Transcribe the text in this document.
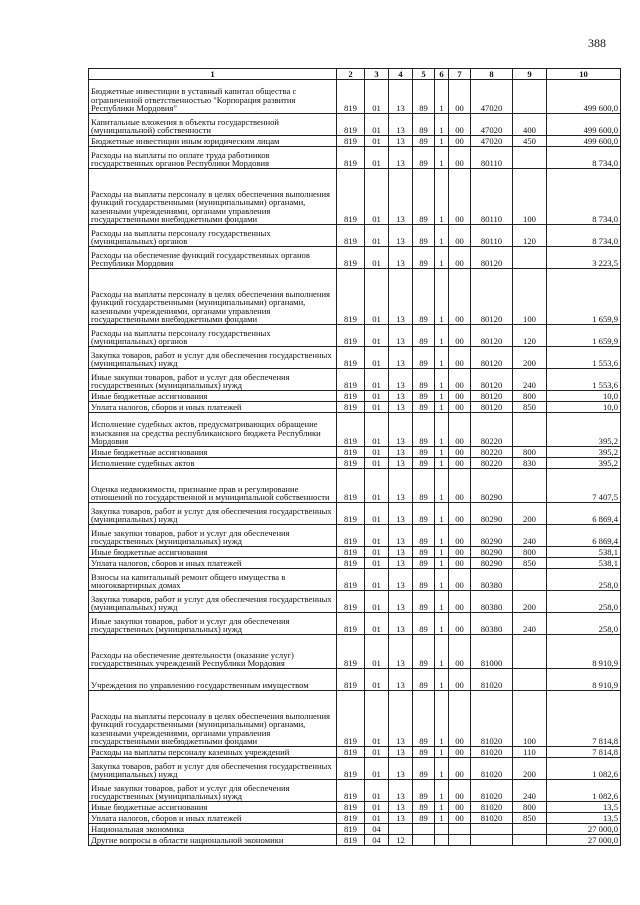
388
1	2	3	4	5	6	7	8	9	10
Бюджетные инвестиции в уставный капитал общества с ограниченной ответственностью "Корпорация развития Республики Мордовия"	819	01	13	89	1	00	47020		499 600,0
Капитальные вложения в объекты государственной (муниципальной) собственности	819	01	13	89	1	00	47020	400	499 600,0
Бюджетные инвестиции иным юридическим лицам	819	01	13	89	1	00	47020	450	499 600,0
Расходы на выплаты по оплате труда работников государственных органов Республики Мордовия	819	01	13	89	1	00	80110		8 734,0
Расходы на выплаты персоналу в целях обеспечения выполнения функций государственными (муниципальными) органами, казенными учреждениями, органами управления государственными внебюджетными фондами	819	01	13	89	1	00	80110	100	8 734,0
Расходы на выплаты персоналу государственных (муниципальных) органов	819	01	13	89	1	00	80110	120	8 734,0
Расходы на обеспечение функций государственных органов Республики Мордовия	819	01	13	89	1	00	80120		3 223,5
Расходы на выплаты персоналу в целях обеспечения выполнения функций государственными (муниципальными) органами, казенными учреждениями, органами управления государственными внебюджетными фондами	819	01	13	89	1	00	80120	100	1 659,9
Расходы на выплаты персоналу государственных (муниципальных) органов	819	01	13	89	1	00	80120	120	1 659,9
Закупка товаров, работ и услуг для обеспечения государственных (муниципальных) нужд	819	01	13	89	1	00	80120	200	1 553,6
Иные закупки товаров, работ и услуг для обеспечения государственных (муниципальных) нужд	819	01	13	89	1	00	80120	240	1 553,6
Иные бюджетные ассигнования	819	01	13	89	1	00	80120	800	10,0
Уплата налогов, сборов и иных платежей	819	01	13	89	1	00	80120	850	10,0
Исполнение судебных актов, предусматривающих обращение взыскания на средства республиканского бюджета Республики Мордовия	819	01	13	89	1	00	80220		395,2
Иные бюджетные ассигнования	819	01	13	89	1	00	80220	800	395,2
Исполнение судебных актов	819	01	13	89	1	00	80220	830	395,2
Оценка недвижимости, признание прав и регулирование отношений по государственной и муниципальной собственности	819	01	13	89	1	00	80290		7 407,5
Закупка товаров, работ и услуг для обеспечения государственных (муниципальных) нужд	819	01	13	89	1	00	80290	200	6 869,4
Иные закупки товаров, работ и услуг для обеспечения государственных (муниципальных) нужд	819	01	13	89	1	00	80290	240	6 869,4
Иные бюджетные ассигнования	819	01	13	89	1	00	80290	800	538,1
Уплата налогов, сборов и иных платежей	819	01	13	89	1	00	80290	850	538,1
Взносы на капитальный ремонт общего имущества в многоквартирных домах	819	01	13	89	1	00	80380		258,0
Закупка товаров, работ и услуг для обеспечения государственных (муниципальных) нужд	819	01	13	89	1	00	80380	200	258,0
Иные закупки товаров, работ и услуг для обеспечения государственных (муниципальных) нужд	819	01	13	89	1	00	80380	240	258,0
Расходы на обеспечение деятельности (оказание услуг) государственных учреждений Республики Мордовия	819	01	13	89	1	00	81000		8 910,9
Учреждения по управлению государственным имуществом	819	01	13	89	1	00	81020		8 910,9
Расходы на выплаты персоналу в целях обеспечения выполнения функций государственными (муниципальными) органами, казенными учреждениями, органами управления государственными внебюджетными фондами	819	01	13	89	1	00	81020	100	7 814,8
Расходы на выплаты персоналу казенных учреждений	819	01	13	89	1	00	81020	110	7 814,8
Закупка товаров, работ и услуг для обеспечения государственных (муниципальных) нужд	819	01	13	89	1	00	81020	200	1 082,6
Иные закупки товаров, работ и услуг для обеспечения государственных (муниципальных) нужд	819	01	13	89	1	00	81020	240	1 082,6
Иные бюджетные ассигнования	819	01	13	89	1	00	81020	800	13,5
Уплата налогов, сборов и иных платежей	819	01	13	89	1	00	81020	850	13,5
Национальная экономика	819	04							27 000,0
Другие вопросы в области национальной экономики	819	04	12						27 000,0
